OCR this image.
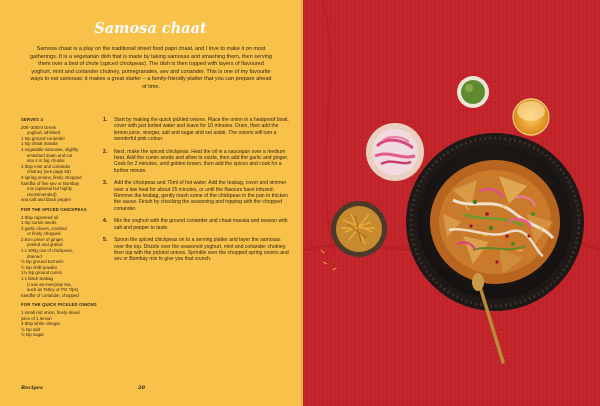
Samosa chaat

Samosa chaat is a play on the traditional street food papri chaat, and I love to make it on most gatherings. It is a vegetarian dish that is made by taking samosas and smashing them, then serving them over a bed of chole (spiced chickpeas). The dish is then topped with layers of flavoured yoghurt, mint and coriander chutney, pomegranates, sev and coriander. This is one of my favourite ways to eat samosas; it makes a great starter – a family-friendly platter that you can prepare ahead of time.

SERVES 4
200–300ml Greek
yoghurt, whisked
1 tsp ground coriander
1 tsp chaat masala
4 vegetable samosas, slightly
smashed down and cut
into 4 in big chunks
3 tbsp mint and coriander
chutney (see page 53)
3 spring onions, finely chopped
handful of fine sev or Bombay
mix (optional but highly
recommended)
sea salt and black pepper
FOR THE SPICED CHICKPEAS
2 tbsp rapeseed oil
1 tsp cumin seeds
2 garlic cloves, crushed
or finely chopped
2.5cm piece of ginger,
peeled and grated
1 x 400g can of chickpeas,
drained
½ tsp ground turmeric
½ tsp chilli powder
1½ tsp ground cumin
1 x black teabag
(I use an everyday tea,
such as Tetley or PG Tips)
handful of coriander, chopped
FOR THE QUICK PICKLED ONIONS
1 small red onion, finely sliced
juice of 1 lemon
3 tbsp white vinegar
½ tsp salt
½ tsp sugar
1. Start by making the quick pickled onions. Place the onion in a heatproof bowl, cover with just boiled water and leave for 10 minutes. Drain, then add the lemon juice, vinegar, salt and sugar and set aside. The onions will turn a wonderful pink colour.
2. Next, make the spiced chickpeas. Heat the oil in a saucepan over a medium heat. Add the cumin seeds and allow to sizzle, then add the garlic and ginger. Cook for 2 minutes, until golden brown, then add the spices and cook for a further minute.
3. Add the chickpeas and 70ml of hot water. Add the teabag, cover and simmer over a low heat for about 15 minutes, or until the flavours have infused. Remove the teabag, gently mash some of the chickpeas in the pan to thicken the sauce. Finish by checking the seasoning and topping with the chopped coriander.
4. Mix the yoghurt with the ground coriander and chaat masala and season with salt and pepper to taste.
5. Spoon the spiced chickpeas on to a serving platter and layer the samosas over the top. Drizzle over the seasoned yoghurt, mint and coriander chutney, then top with the pickled onions. Sprinkle over the chopped spring onions and sev or Bombay mix to give you that crunch.
Recipes	20
